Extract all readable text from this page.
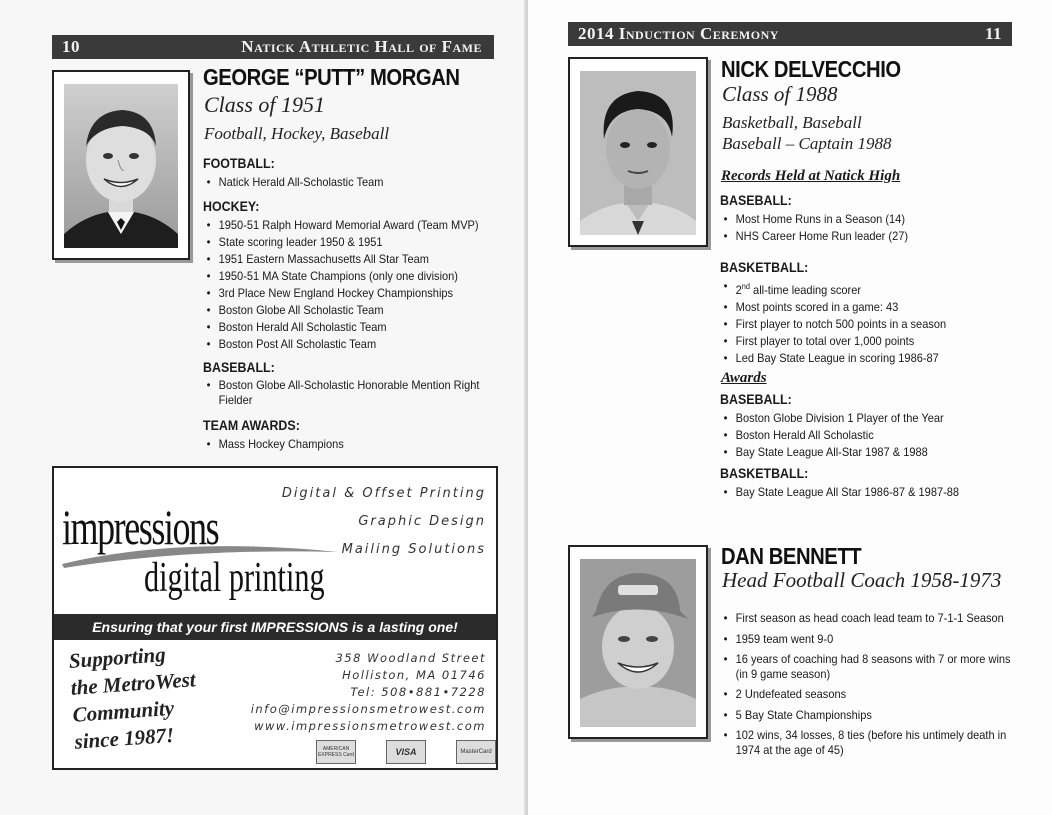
10	Natick Athletic Hall of Fame
GEORGE “PUTT” MORGAN
Class of 1951
Football, Hockey, Baseball
FOOTBALL:
• Natick Herald All-Scholastic Team
HOCKEY:
• 1950-51 Ralph Howard Memorial Award (Team MVP)
• State scoring leader 1950 & 1951
• 1951 Eastern Massachusetts All Star Team
• 1950-51 MA State Champions (only one division)
• 3rd Place New England Hockey Championships
• Boston Globe All Scholastic Team
• Boston Herald All Scholastic Team
• Boston Post All Scholastic Team
BASEBALL:
• Boston Globe All-Scholastic Honorable Mention Right Fielder
TEAM AWARDS:
• Mass Hockey Champions
impressions
digital printing
Digital & Offset Printing
Graphic Design
Mailing Solutions
Ensuring that your first IMPRESSIONS is a lasting one!
Supporting
the MetroWest
Community
since 1987!
358 Woodland Street
Holliston, MA 01746
Tel: 508•881•7228
info@impressionsmetrowest.com
www.impressionsmetrowest.com
AMERICAN EXPRESS Card	VISA	MasterCard
2014 Induction Ceremony	11
NICK DELVECCHIO
Class of 1988
Basketball, Baseball
Baseball – Captain 1988
Records Held at Natick High
BASEBALL:
• Most Home Runs in a Season (14)
• NHS Career Home Run leader (27)
BASKETBALL:
• 2nd all-time leading scorer
• Most points scored in a game: 43
• First player to notch 500 points in a season
• First player to total over 1,000 points
• Led Bay State League in scoring 1986-87
Awards
BASEBALL:
• Boston Globe Division 1 Player of the Year
• Boston Herald All Scholastic
• Bay State League All-Star 1987 & 1988
BASKETBALL:
• Bay State League All Star 1986-87 & 1987-88
DAN BENNETT
Head Football Coach 1958-1973
• First season as head coach lead team to 7-1-1 Season
• 1959 team went 9-0
• 16 years of coaching had 8 seasons with 7 or more wins (in 9 game season)
• 2 Undefeated seasons
• 5 Bay State Championships
• 102 wins, 34 losses, 8 ties (before his untimely death in 1974 at the age of 45)
